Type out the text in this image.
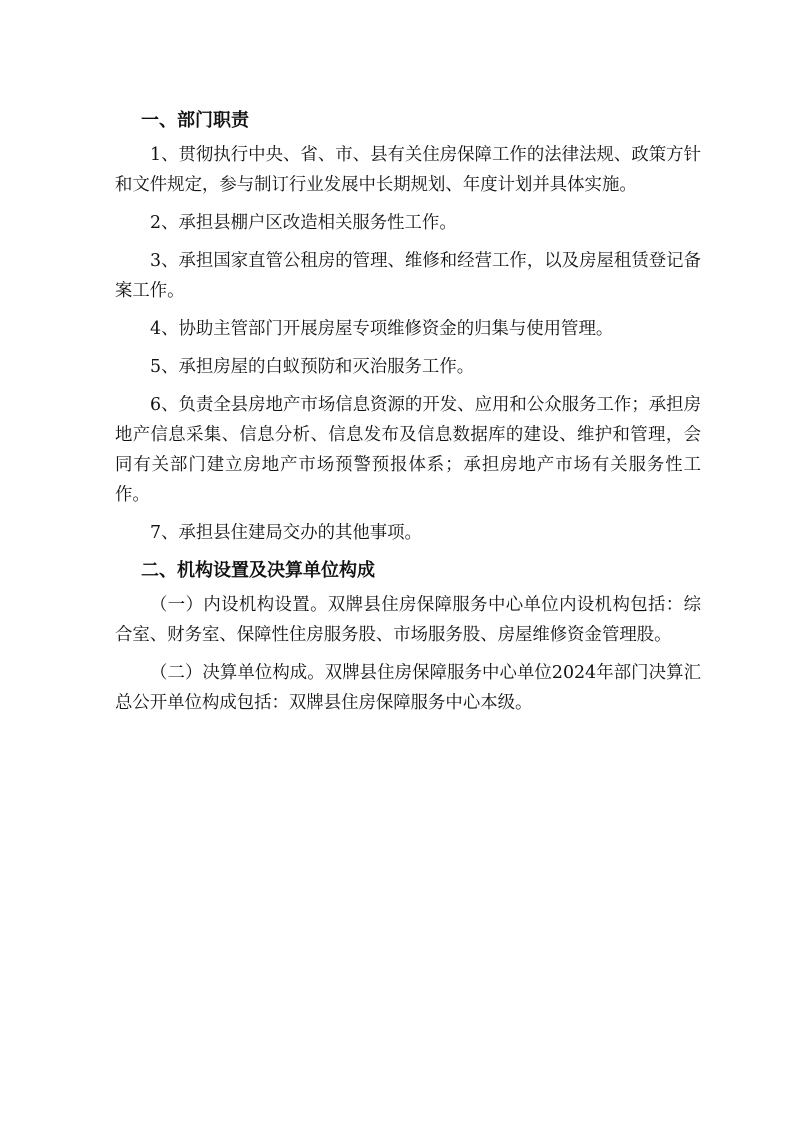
一、部门职责

1、贯彻执行中央、省、市、县有关住房保障工作的法律法规、政策方针和文件规定，参与制订行业发展中长期规划、年度计划并具体实施。

2、承担县棚户区改造相关服务性工作。

3、承担国家直管公租房的管理、维修和经营工作，以及房屋租赁登记备案工作。

4、协助主管部门开展房屋专项维修资金的归集与使用管理。

5、承担房屋的白蚁预防和灭治服务工作。

6、负责全县房地产市场信息资源的开发、应用和公众服务工作；承担房地产信息采集、信息分析、信息发布及信息数据库的建设、维护和管理，会同有关部门建立房地产市场预警预报体系；承担房地产市场有关服务性工作。

7、承担县住建局交办的其他事项。

二、机构设置及决算单位构成

（一）内设机构设置。双牌县住房保障服务中心单位内设机构包括：综合室、财务室、保障性住房服务股、市场服务股、房屋维修资金管理股。

（二）决算单位构成。双牌县住房保障服务中心单位2024年部门决算汇总公开单位构成包括：双牌县住房保障服务中心本级。
